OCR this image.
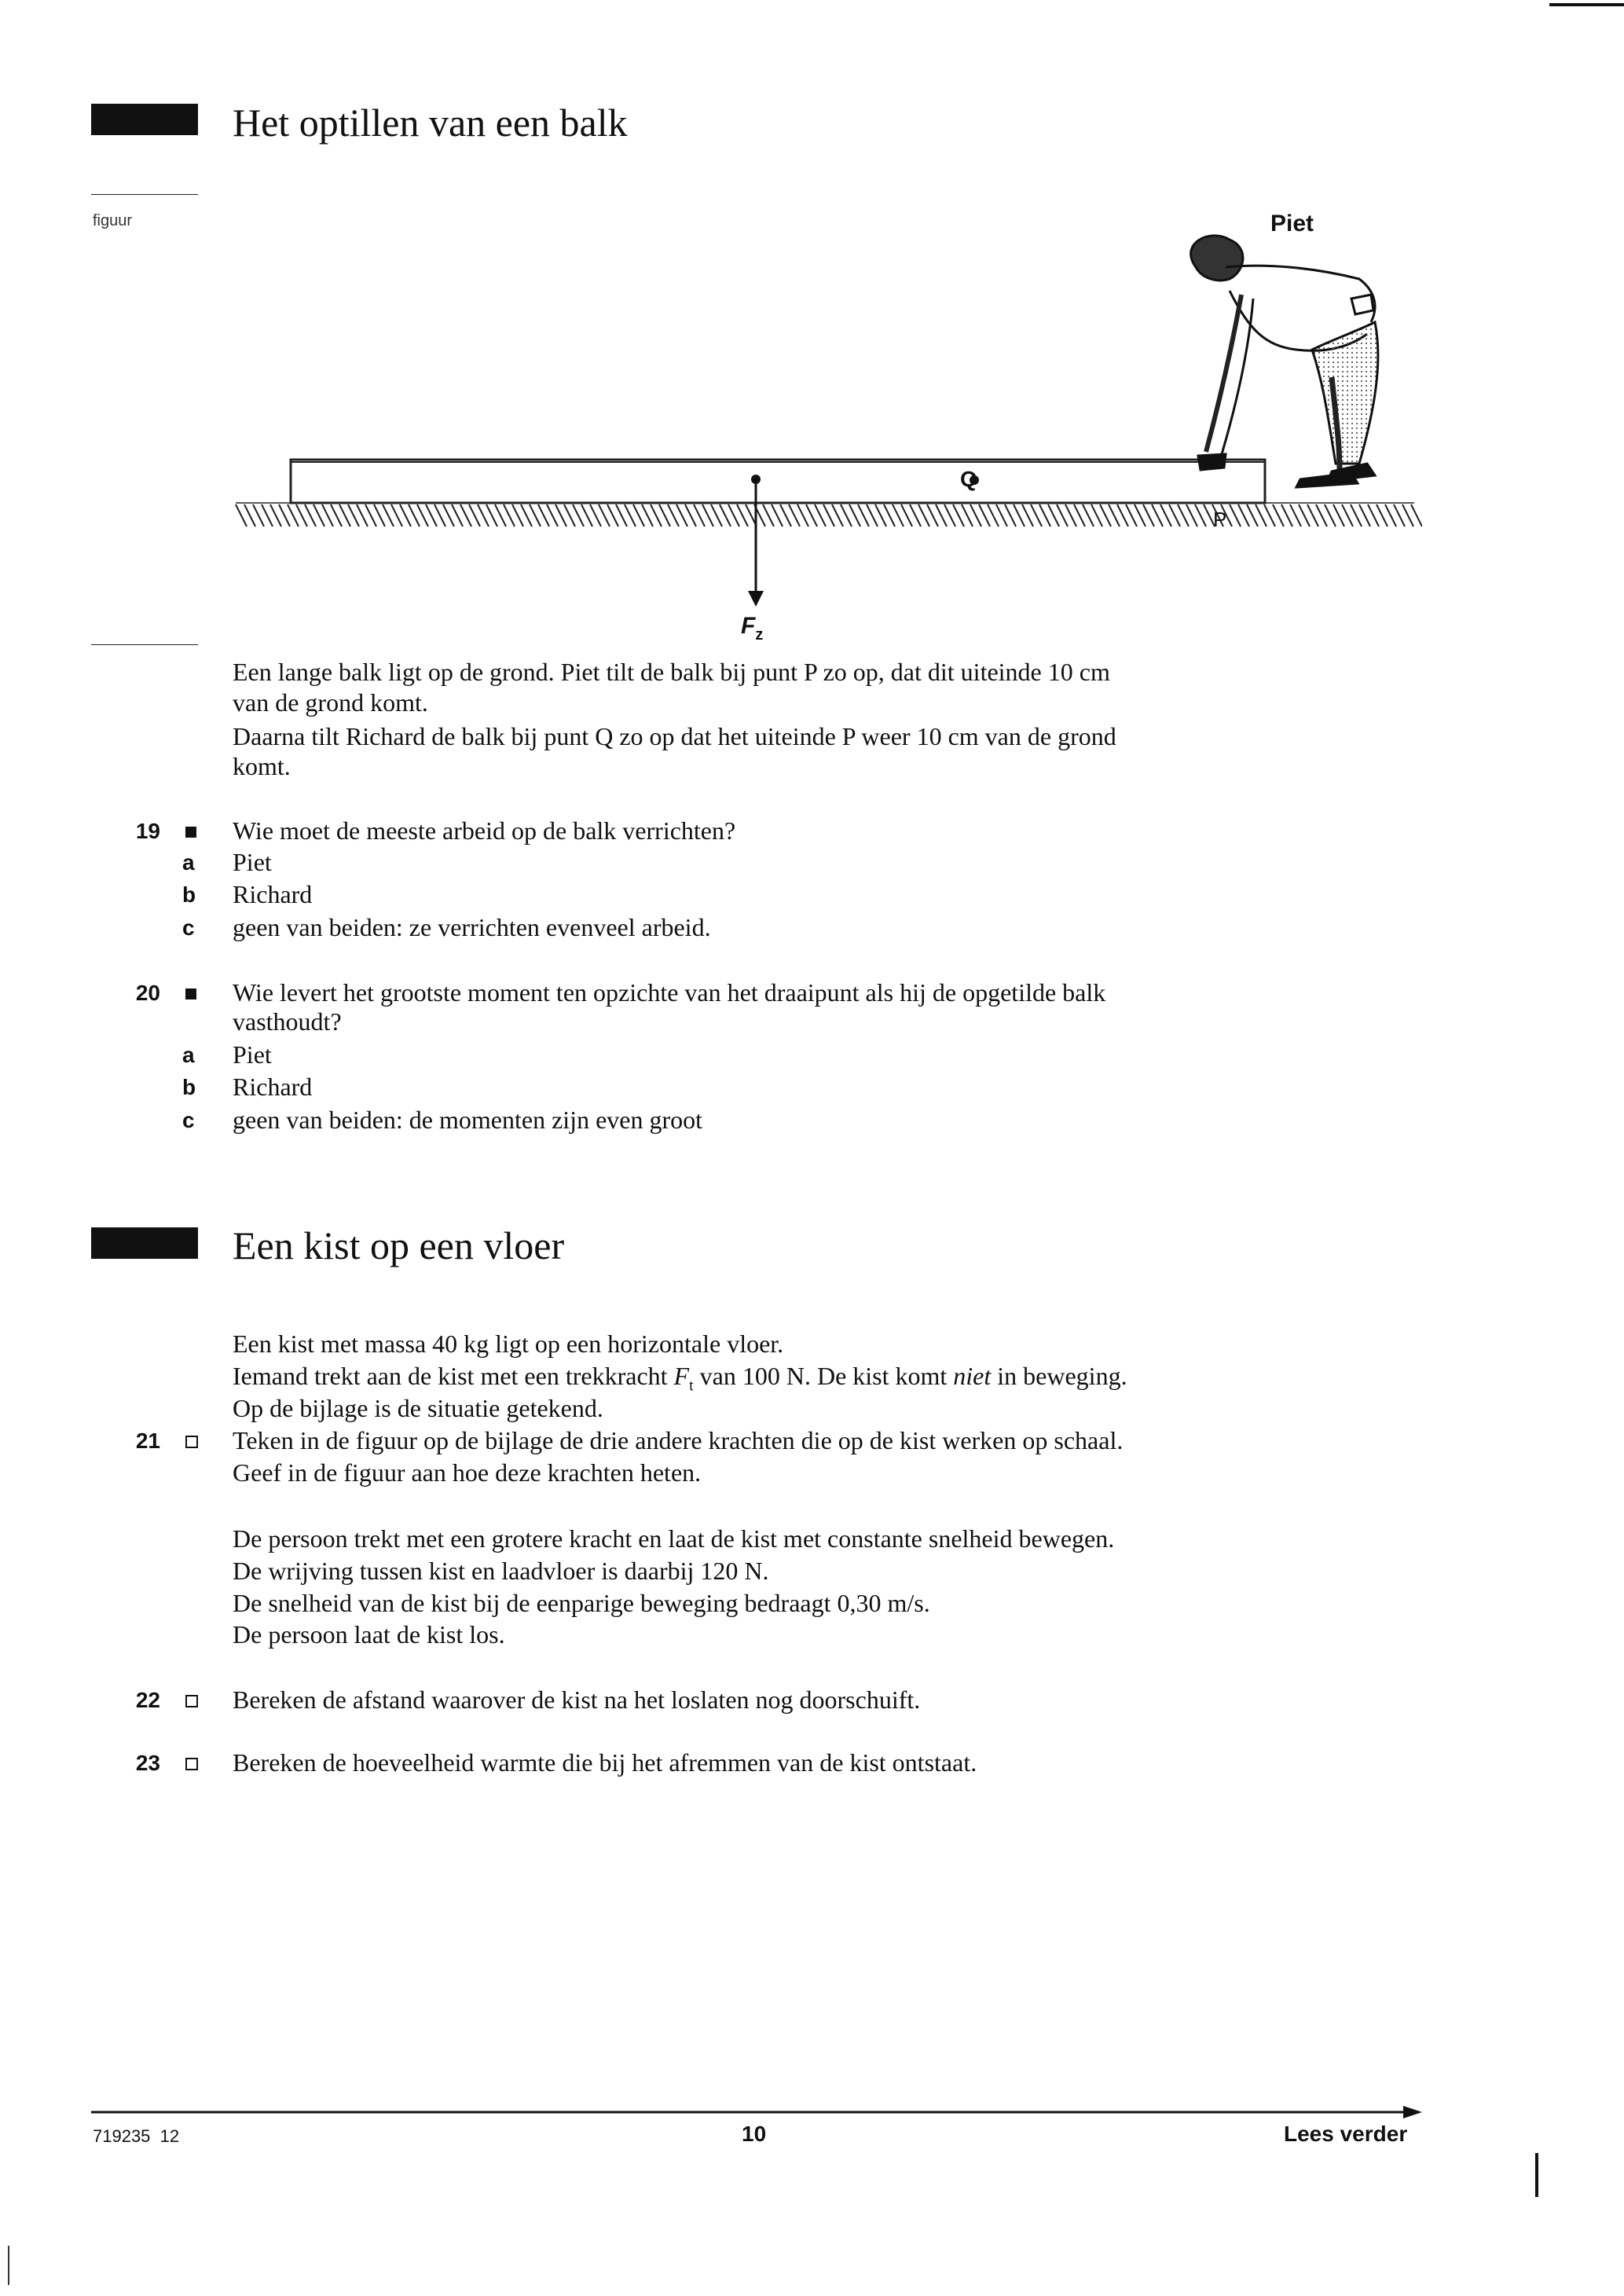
Het optillen van een balk
figuur	Piet
Q
P
$F_z$
Een lange balk ligt op de grond. Piet tilt de balk bij punt P zo op, dat dit uiteinde 10 cm
van de grond komt.
Daarna tilt Richard de balk bij punt Q zo op dat het uiteinde P weer 10 cm van de grond
komt.
19	Wie moet de meeste arbeid op de balk verrichten?
a Piet
b Richard
c geen van beiden: ze verrichten evenveel arbeid.
20	Wie levert het grootste moment ten opzichte van het draaipunt als hij de opgetilde balk
vasthoudt?
a Piet
b Richard
c geen van beiden: de momenten zijn even groot
Een kist op een vloer
Een kist met massa 40 kg ligt op een horizontale vloer.
Iemand trekt aan de kist met een trekkracht $F_t$ van 100 N. De kist komt niet in beweging.
Op de bijlage is de situatie getekend.
21	Teken in de figuur op de bijlage de drie andere krachten die op de kist werken op schaal.
Geef in de figuur aan hoe deze krachten heten.
De persoon trekt met een grotere kracht en laat de kist met constante snelheid bewegen.
De wrijving tussen kist en laadvloer is daarbij 120 N.
De snelheid van de kist bij de eenparige beweging bedraagt 0,30 m/s.
De persoon laat de kist los.
22	Bereken de afstand waarover de kist na het loslaten nog doorschuift.
23	Bereken de hoeveelheid warmte die bij het afremmen van de kist ontstaat.
719235  12	10	Lees verder
